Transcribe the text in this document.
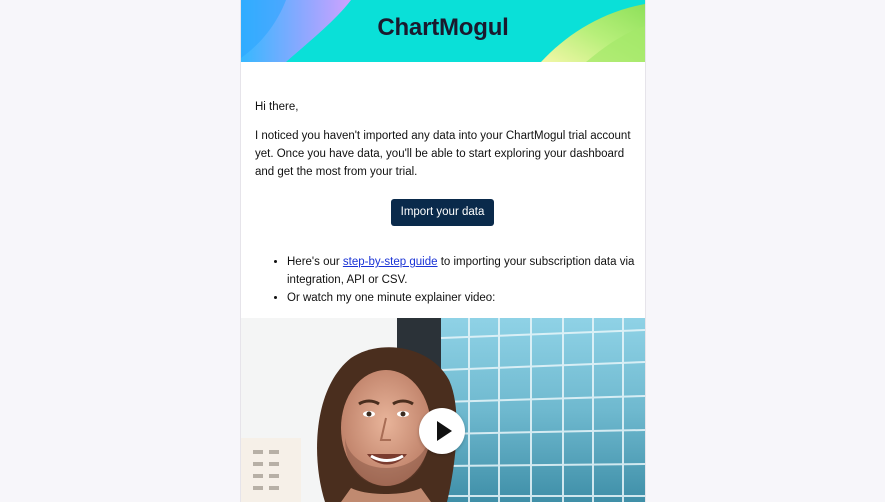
ChartMogul
Hi there,
I noticed you haven't imported any data into your ChartMogul trial account yet. Once you have data, you'll be able to start exploring your dashboard and get the most from your trial.
Import your data
• Here's our step-by-step guide to importing your subscription data via integration, API or CSV.
• Or watch my one minute explainer video:
